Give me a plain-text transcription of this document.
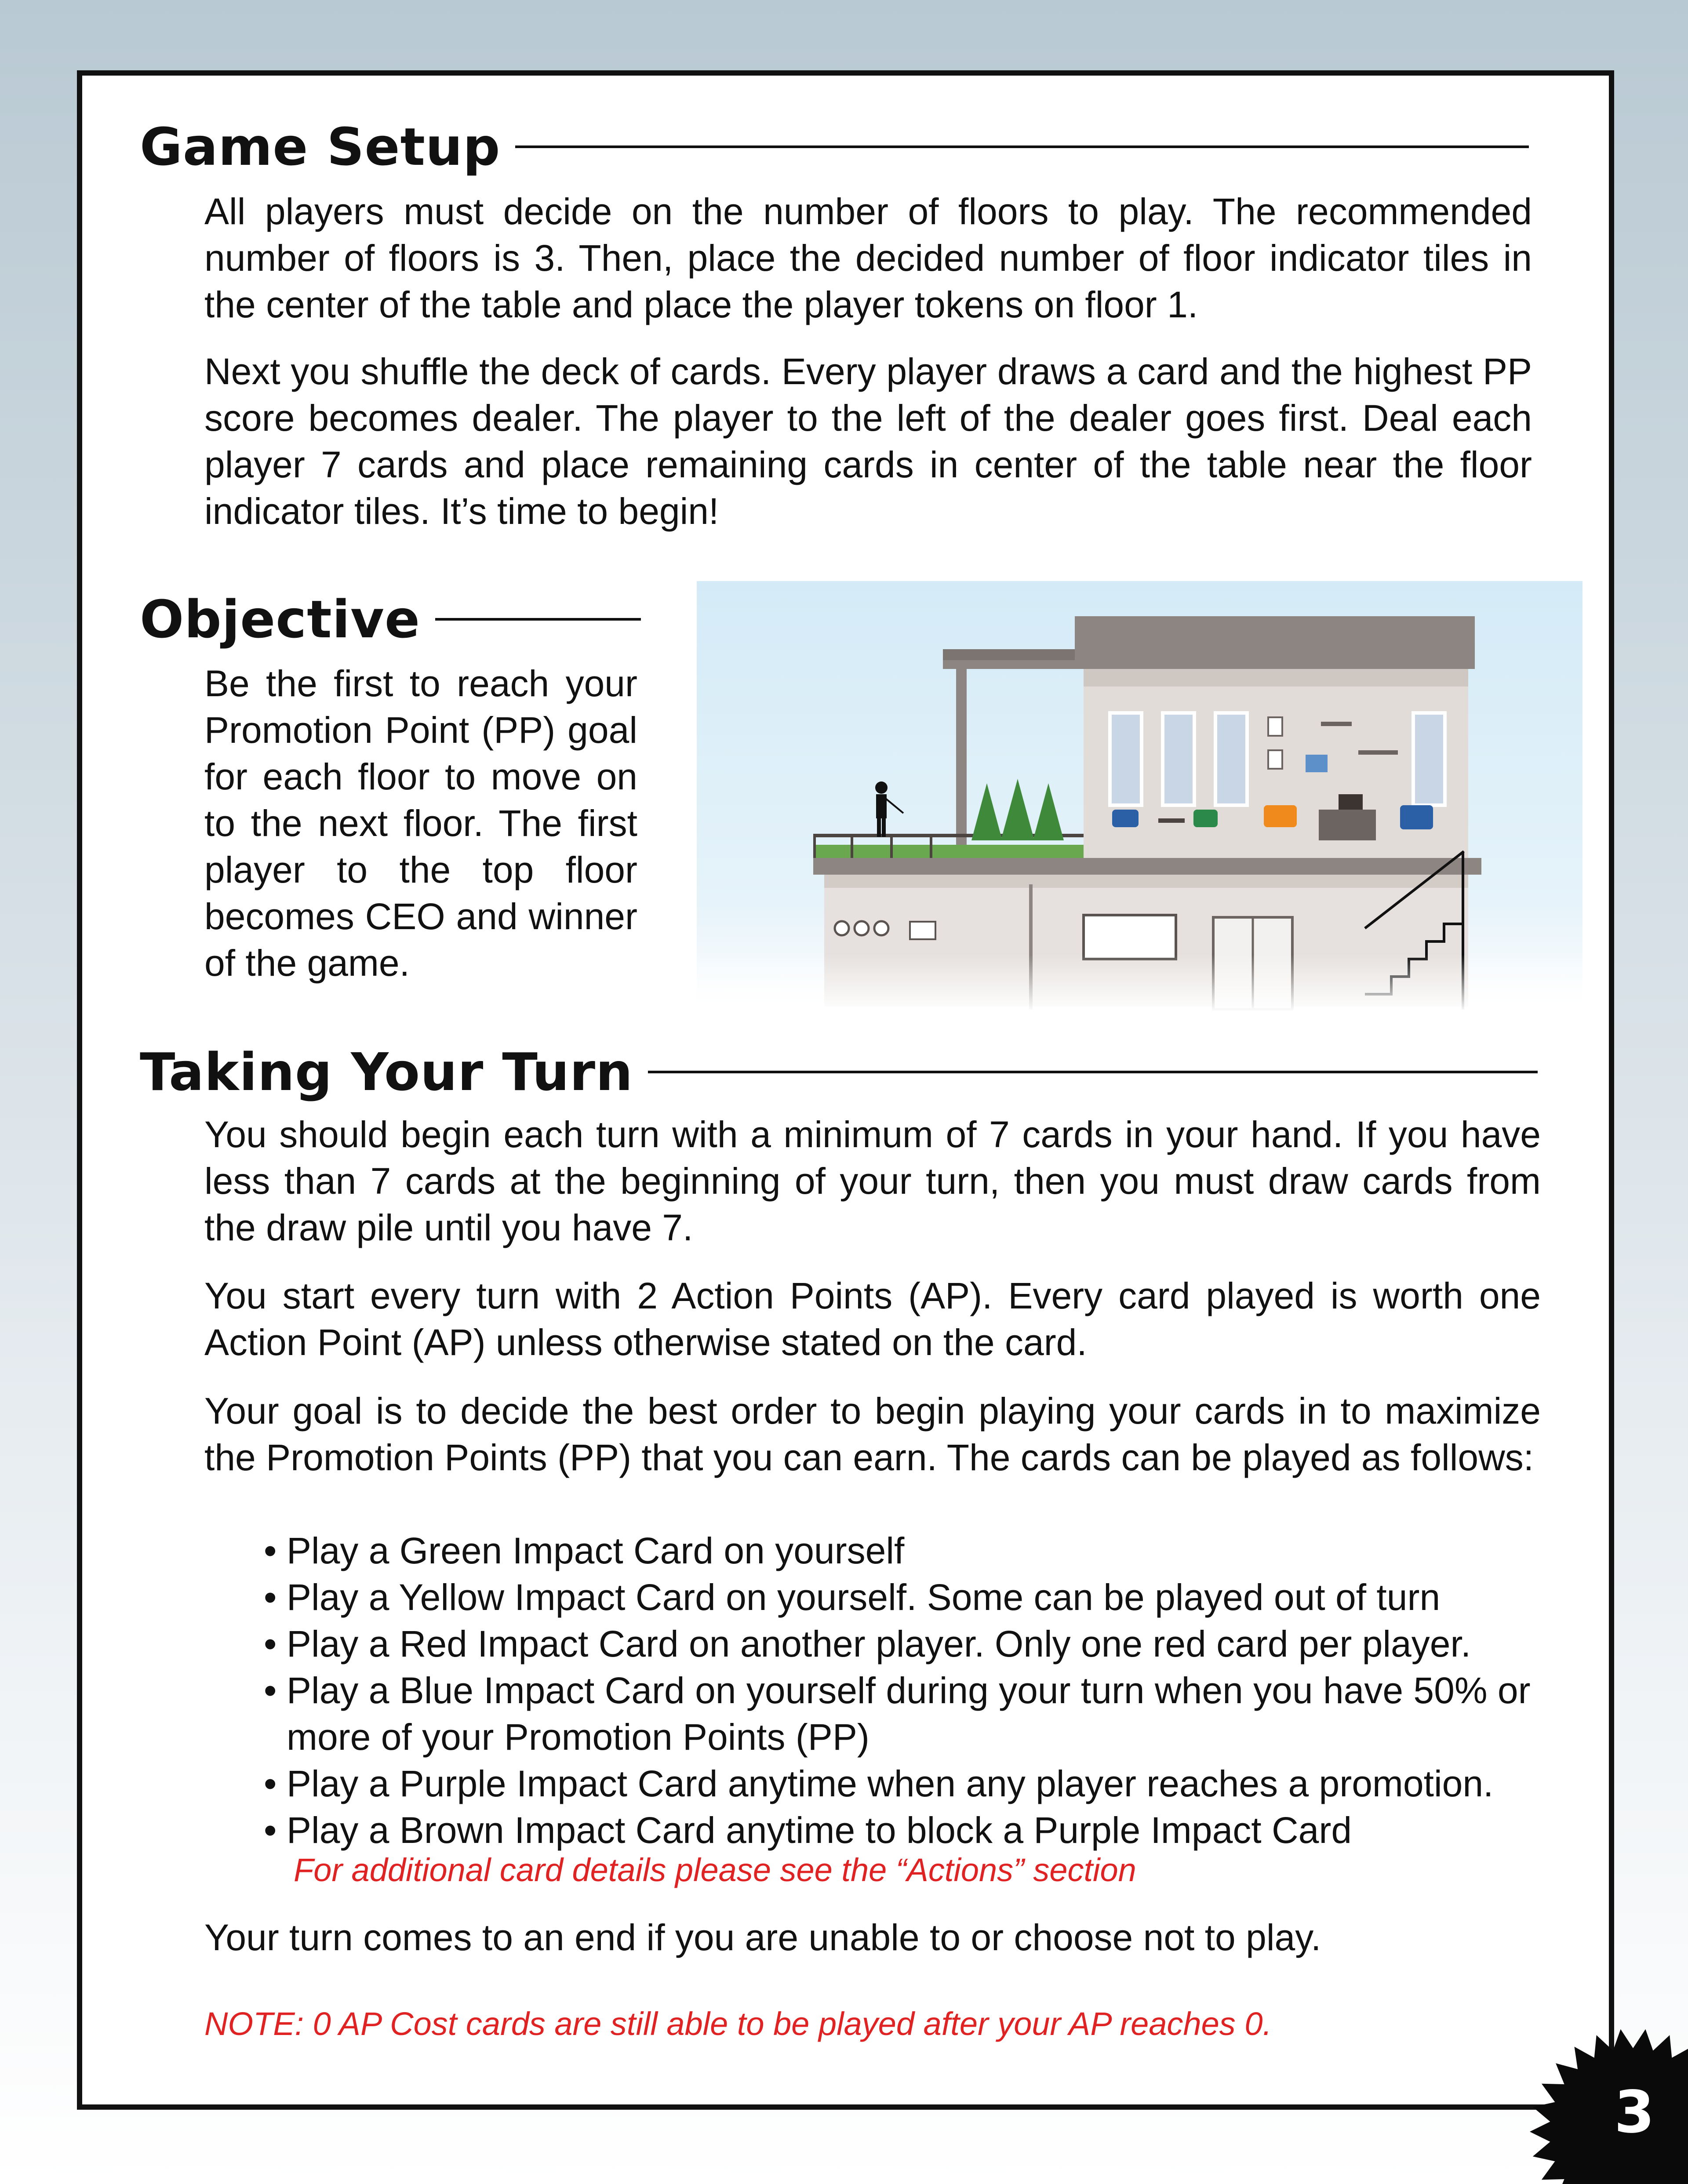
Game Setup

All players must decide on the number of floors to play. The recommended number of floors is 3. Then, place the decided number of floor indicator tiles in the center of the table and place the player tokens on floor 1.

Next you shuffle the deck of cards. Every player draws a card and the highest PP score becomes dealer. The player to the left of the dealer goes first. Deal each player 7 cards and place remaining cards in center of the table near the floor indicator tiles. It’s time to begin!

Objective

Be the first to reach your Promotion Point (PP) goal for each floor to move on to the next floor. The first player to the top floor becomes CEO and winner of the game.

Taking Your Turn

You should begin each turn with a minimum of 7 cards in your hand. If you have less than 7 cards at the beginning of your turn, then you must draw cards from the draw pile until you have 7.

You start every turn with 2 Action Points (AP). Every card played is worth one Action Point (AP) unless otherwise stated on the card.

Your goal is to decide the best order to begin playing your cards in to maximize the Promotion Points (PP) that you can earn. The cards can be played as follows:

• Play a Green Impact Card on yourself
• Play a Yellow Impact Card on yourself. Some can be played out of turn
• Play a Red Impact Card on another player. Only one red card per player.
• Play a Blue Impact Card on yourself during your turn when you have 50% or more of your Promotion Points (PP)
• Play a Purple Impact Card anytime when any player reaches a promotion.
• Play a Brown Impact Card anytime to block a Purple Impact Card

For additional card details please see the “Actions” section

Your turn comes to an end if you are unable to or choose not to play.

NOTE: 0 AP Cost cards are still able to be played after your AP reaches 0.

3
